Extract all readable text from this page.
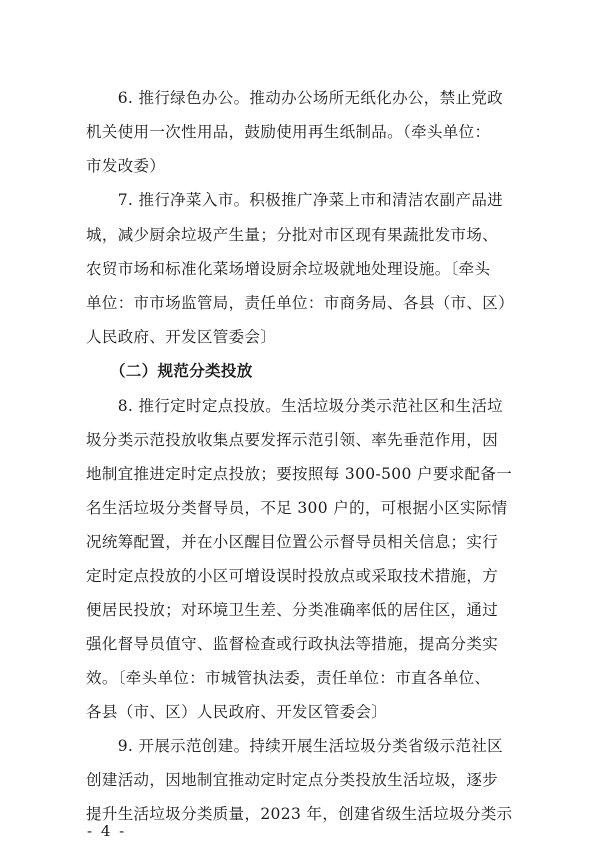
　　6. 推行绿色办公。推动办公场所无纸化办公，禁止党政
机关使用一次性用品，鼓励使用再生纸制品。（牵头单位：
市发改委）
　　7. 推行净菜入市。积极推广净菜上市和清洁农副产品进
城，减少厨余垃圾产生量；分批对市区现有果蔬批发市场、
农贸市场和标准化菜场增设厨余垃圾就地处理设施。〔牵头
单位：市市场监管局，责任单位：市商务局、各县（市、区）
人民政府、开发区管委会〕
　　（二）规范分类投放
　　8. 推行定时定点投放。生活垃圾分类示范社区和生活垃
圾分类示范投放收集点要发挥示范引领、率先垂范作用，因
地制宜推进定时定点投放；要按照每 300-500 户要求配备一
名生活垃圾分类督导员，不足 300 户的，可根据小区实际情
况统筹配置，并在小区醒目位置公示督导员相关信息；实行
定时定点投放的小区可增设误时投放点或采取技术措施，方
便居民投放；对环境卫生差、分类准确率低的居住区，通过
强化督导员值守、监督检查或行政执法等措施，提高分类实
效。〔牵头单位：市城管执法委，责任单位：市直各单位、
各县（市、区）人民政府、开发区管委会〕
　　9. 开展示范创建。持续开展生活垃圾分类省级示范社区
创建活动，因地制宜推动定时定点分类投放生活垃圾，逐步
提升生活垃圾分类质量，2023 年，创建省级生活垃圾分类示
- 4 -
